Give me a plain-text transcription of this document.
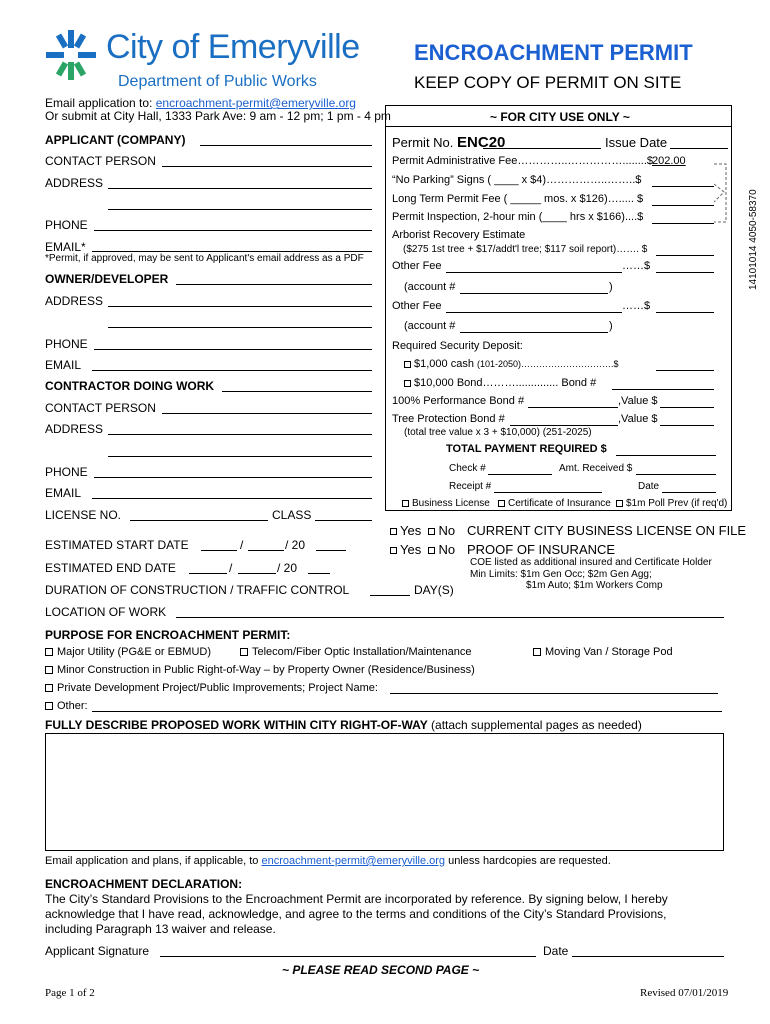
City of Emeryville
Department of Public Works
ENCROACHMENT PERMIT
KEEP COPY OF PERMIT ON SITE
Email application to: encroachment-permit@emeryville.org
Or submit at City Hall, 1333 Park Ave: 9 am - 12 pm; 1 pm - 4 pm
APPLICANT (COMPANY)
CONTACT PERSON
ADDRESS
PHONE
EMAIL*
*Permit, if approved, may be sent to Applicant's email address as a PDF
OWNER/DEVELOPER
ADDRESS
PHONE
EMAIL
CONTRACTOR DOING WORK
CONTACT PERSON
ADDRESS
PHONE
EMAIL
LICENSE NO.	CLASS
~ FOR CITY USE ONLY ~
Permit No. ENC20	Issue Date
Permit Administrative Fee…………..……………........$ 202.00
“No Parking” Signs ( ____ x $4)……………..……..$
Long Term Permit Fee ( _____ mos. x $126)…..... $
Permit Inspection, 2-hour min (____ hrs x $166)....$
Arborist Recovery Estimate
($275 1st tree + $17/addt'l tree; $117 soil report)……. $
Other Fee	……$
(account #	)
Other Fee	……$
(account #	)
Required Security Deposit:
$1,000 cash (101-2050)………………………….$
$10,000 Bond……….............. Bond #
100% Performance Bond #	,Value $
Tree Protection Bond #	,Value $
(total tree value x 3 + $10,000) (251-2025)
TOTAL PAYMENT REQUIRED $
Check #	Amt. Received $
Receipt #	Date
Business License	Certificate of Insurance	$1m Poll Prev (if req'd)
14101014 4050-58370
Yes No CURRENT CITY BUSINESS LICENSE ON FILE
Yes No PROOF OF INSURANCE
COE listed as additional insured and Certificate Holder
Min Limits: $1m Gen Occ; $2m Gen Agg;
$1m Auto; $1m Workers Comp
ESTIMATED START DATE	/	/ 20
ESTIMATED END DATE	/	/ 20
DURATION OF CONSTRUCTION / TRAFFIC CONTROL	DAY(S)
LOCATION OF WORK
PURPOSE FOR ENCROACHMENT PERMIT:
Major Utility (PG&E or EBMUD)	Telecom/Fiber Optic Installation/Maintenance	Moving Van / Storage Pod
Minor Construction in Public Right-of-Way – by Property Owner (Residence/Business)
Private Development Project/Public Improvements; Project Name:
Other:
FULLY DESCRIBE PROPOSED WORK WITHIN CITY RIGHT-OF-WAY (attach supplemental pages as needed)
Email application and plans, if applicable, to encroachment-permit@emeryville.org unless hardcopies are requested.
ENCROACHMENT DECLARATION:
The City’s Standard Provisions to the Encroachment Permit are incorporated by reference. By signing below, I hereby
acknowledge that I have read, acknowledge, and agree to the terms and conditions of the City’s Standard Provisions,
including Paragraph 13 waiver and release.
Applicant Signature	Date
~ PLEASE READ SECOND PAGE ~
Page 1 of 2	Revised 07/01/2019
